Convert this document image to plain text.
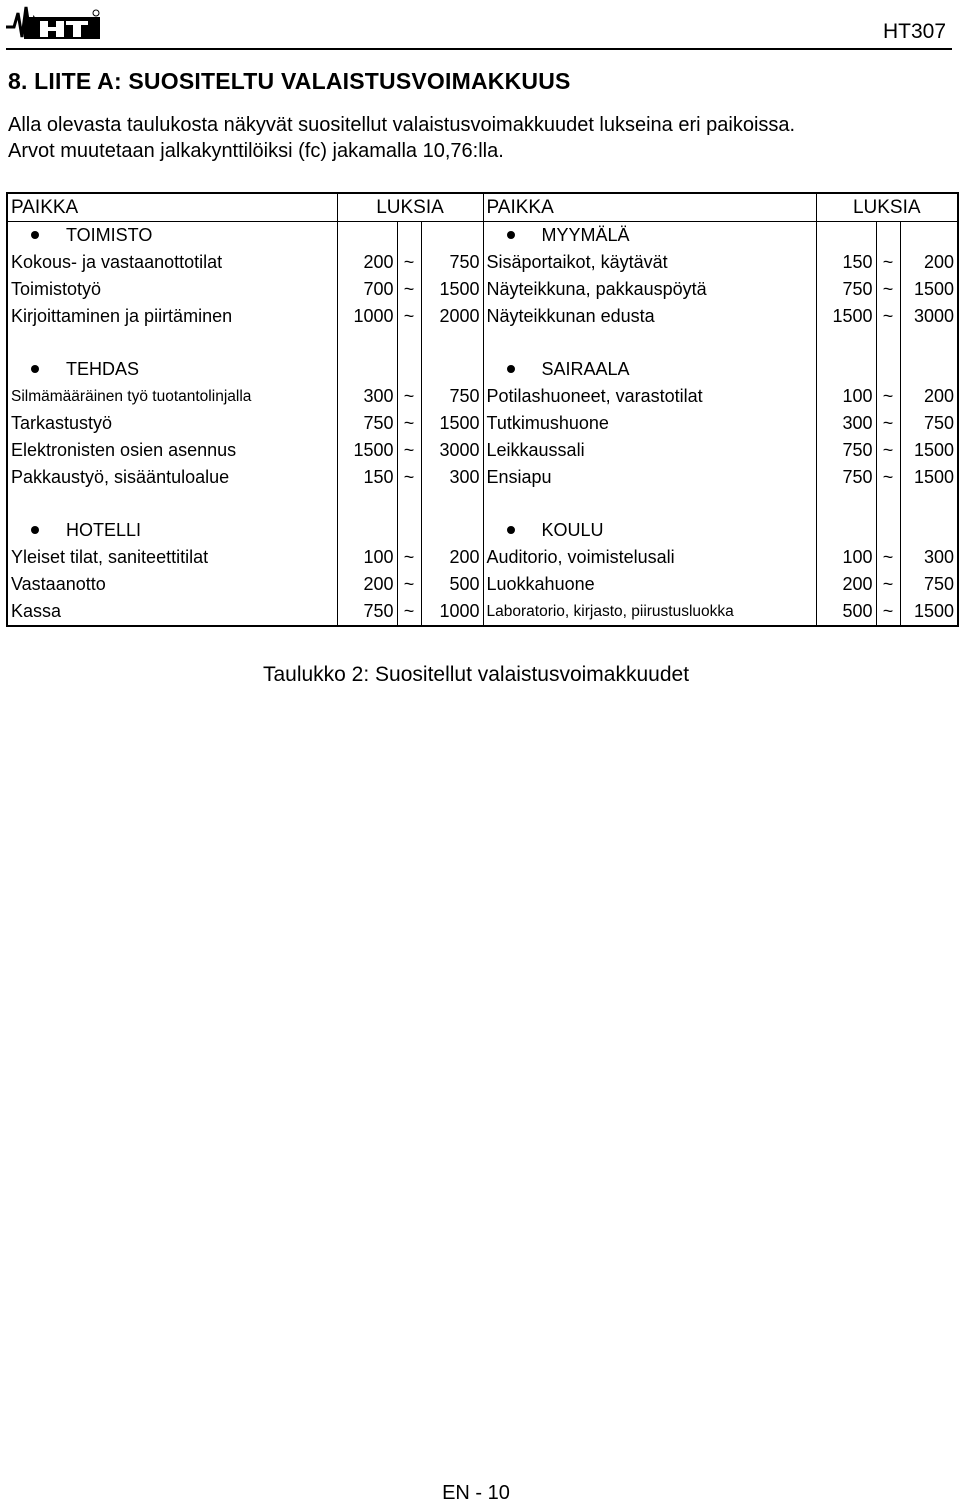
HT307
8. LIITE A: SUOSITELTU VALAISTUSVOIMAKKUUS

Alla olevasta taulukosta näkyvät suositellut valaistusvoimakkuudet lukseina eri paikoissa.
Arvot muutetaan jalkakynttilöiksi (fc) jakamalla 10,76:lla.

PAIKKA	LUKSIA			PAIKKA	LUKSIA		
TOIMISTO				MYYMÄLÄ			
Kokous- ja vastaanottotilat	200	~	750	Sisäportaikot, käytävät	150	~	200
Toimistotyö	700	~	1500	Näyteikkuna, pakkauspöytä	750	~	1500
Kirjoittaminen ja piirtäminen	1000	~	2000	Näyteikkunan edusta	1500	~	3000

TEHDAS				SAIRAALA			
Silmämääräinen työ tuotantolinjalla	300	~	750	Potilashuoneet, varastotilat	100	~	200
Tarkastustyö	750	~	1500	Tutkimushuone	300	~	750
Elektronisten osien asennus	1500	~	3000	Leikkaussali	750	~	1500
Pakkaustyö, sisääntuloalue	150	~	300	Ensiapu	750	~	1500

HOTELLI				KOULU			
Yleiset tilat, saniteettitilat	100	~	200	Auditorio, voimistelusali	100	~	300
Vastaanotto	200	~	500	Luokkahuone	200	~	750
Kassa	750	~	1000	Laboratorio, kirjasto, piirustusluokka	500	~	1500
Taulukko 2: Suositellut valaistusvoimakkuudet
EN - 10
